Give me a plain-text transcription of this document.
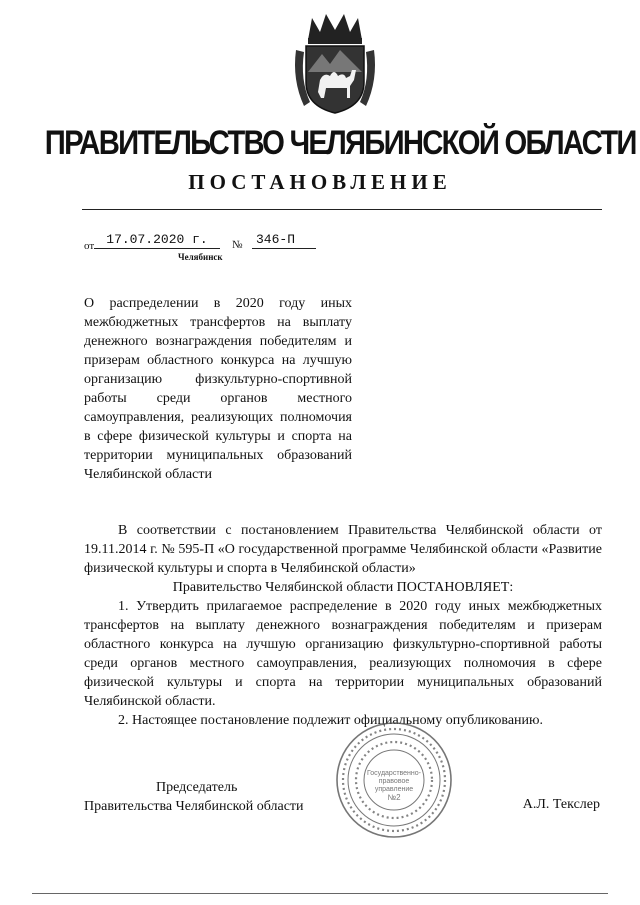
ПРАВИТЕЛЬСТВО ЧЕЛЯБИНСКОЙ ОБЛАСТИ
ПОСТАНОВЛЕНИЕ
от 17.07.2020 г.	№	346-П
Челябинск
О распределении в 2020 году иных межбюджетных трансфертов на выплату денежного вознаграждения победителям и призерам областного конкурса на лучшую организацию физкультурно-спортивной работы среди органов местного самоуправления, реализующих полномочия в сфере физической культуры и спорта на территории муниципальных образований Челябинской области

В соответствии с постановлением Правительства Челябинской области от 19.11.2014 г. № 595-П «О государственной программе Челябинской области «Развитие физической культуры и спорта в Челябинской области»

Правительство Челябинской области ПОСТАНОВЛЯЕТ:

1. Утвердить прилагаемое распределение в 2020 году иных межбюджетных трансфертов на выплату денежного вознаграждения победителям и призерам областного конкурса на лучшую организацию физкультурно-спортивной работы среди органов местного самоуправления, реализующих полномочия в сфере физической культуры и спорта на территории муниципальных образований Челябинской области.

2. Настоящее постановление подлежит официальному опубликованию.

Государственно-
правовое
управление
№2
Председатель
Правительства Челябинской области	А.Л. Текслер
